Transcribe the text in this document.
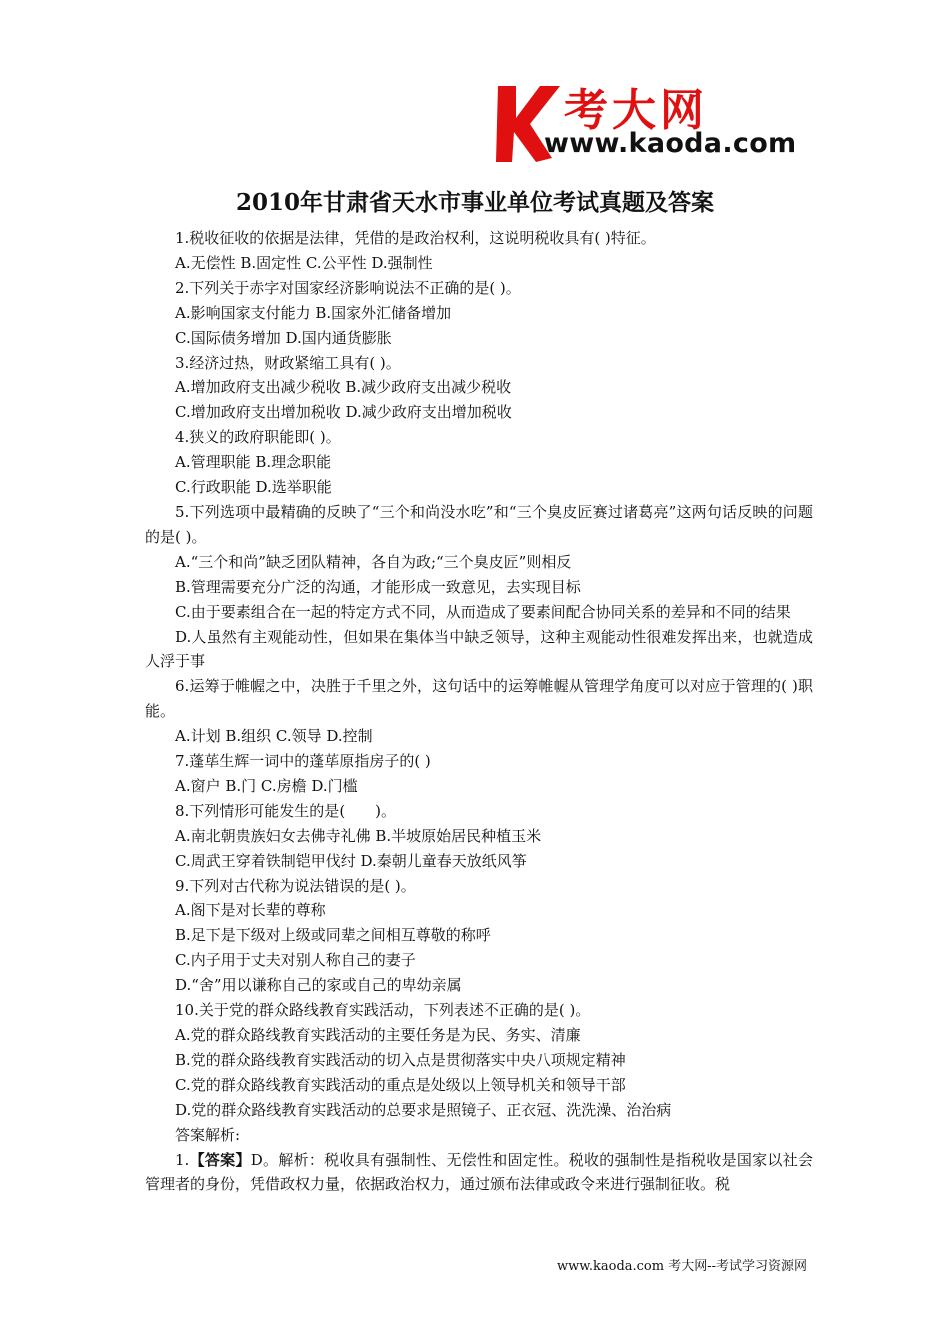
考大网
www.kaoda.com
2010年甘肃省天水市事业单位考试真题及答案

1.税收征收的依据是法律，凭借的是政治权利，这说明税收具有( )特征。

A.无偿性 B.固定性 C.公平性 D.强制性

2.下列关于赤字对国家经济影响说法不正确的是( )。

A.影响国家支付能力 B.国家外汇储备增加

C.国际债务增加 D.国内通货膨胀

3.经济过热，财政紧缩工具有( )。

A.增加政府支出减少税收 B.减少政府支出减少税收

C.增加政府支出增加税收 D.减少政府支出增加税收

4.狭义的政府职能即( )。

A.管理职能 B.理念职能

C.行政职能 D.选举职能

5.下列选项中最精确的反映了“三个和尚没水吃”和“三个臭皮匠赛过诸葛亮”这两句话反映的问题的是( )。

A.“三个和尚”缺乏团队精神，各自为政;“三个臭皮匠”则相反

B.管理需要充分广泛的沟通，才能形成一致意见，去实现目标

C.由于要素组合在一起的特定方式不同，从而造成了要素间配合协同关系的差异和不同的结果

D.人虽然有主观能动性，但如果在集体当中缺乏领导，这种主观能动性很难发挥出来，也就造成人浮于事

6.运筹于帷幄之中，决胜于千里之外，这句话中的运筹帷幄从管理学角度可以对应于管理的( )职能。

A.计划 B.组织 C.领导 D.控制

7.蓬荜生辉一词中的蓬荜原指房子的( )

A.窗户 B.门 C.房檐 D.门槛

8.下列情形可能发生的是(　　)。

A.南北朝贵族妇女去佛寺礼佛 B.半坡原始居民种植玉米

C.周武王穿着铁制铠甲伐纣 D.秦朝儿童春天放纸风筝

9.下列对古代称为说法错误的是( )。

A.阁下是对长辈的尊称

B.足下是下级对上级或同辈之间相互尊敬的称呼

C.内子用于丈夫对别人称自己的妻子

D.“舍”用以谦称自己的家或自己的卑幼亲属

10.关于党的群众路线教育实践活动，下列表述不正确的是( )。

A.党的群众路线教育实践活动的主要任务是为民、务实、清廉

B.党的群众路线教育实践活动的切入点是贯彻落实中央八项规定精神

C.党的群众路线教育实践活动的重点是处级以上领导机关和领导干部

D.党的群众路线教育实践活动的总要求是照镜子、正衣冠、洗洗澡、治治病

答案解析:

1.【答案】D。解析：税收具有强制性、无偿性和固定性。税收的强制性是指税收是国家以社会管理者的身份，凭借政权力量，依据政治权力，通过颁布法律或政令来进行强制征收。税

www.kaoda.com 考大网--考试学习资源网
